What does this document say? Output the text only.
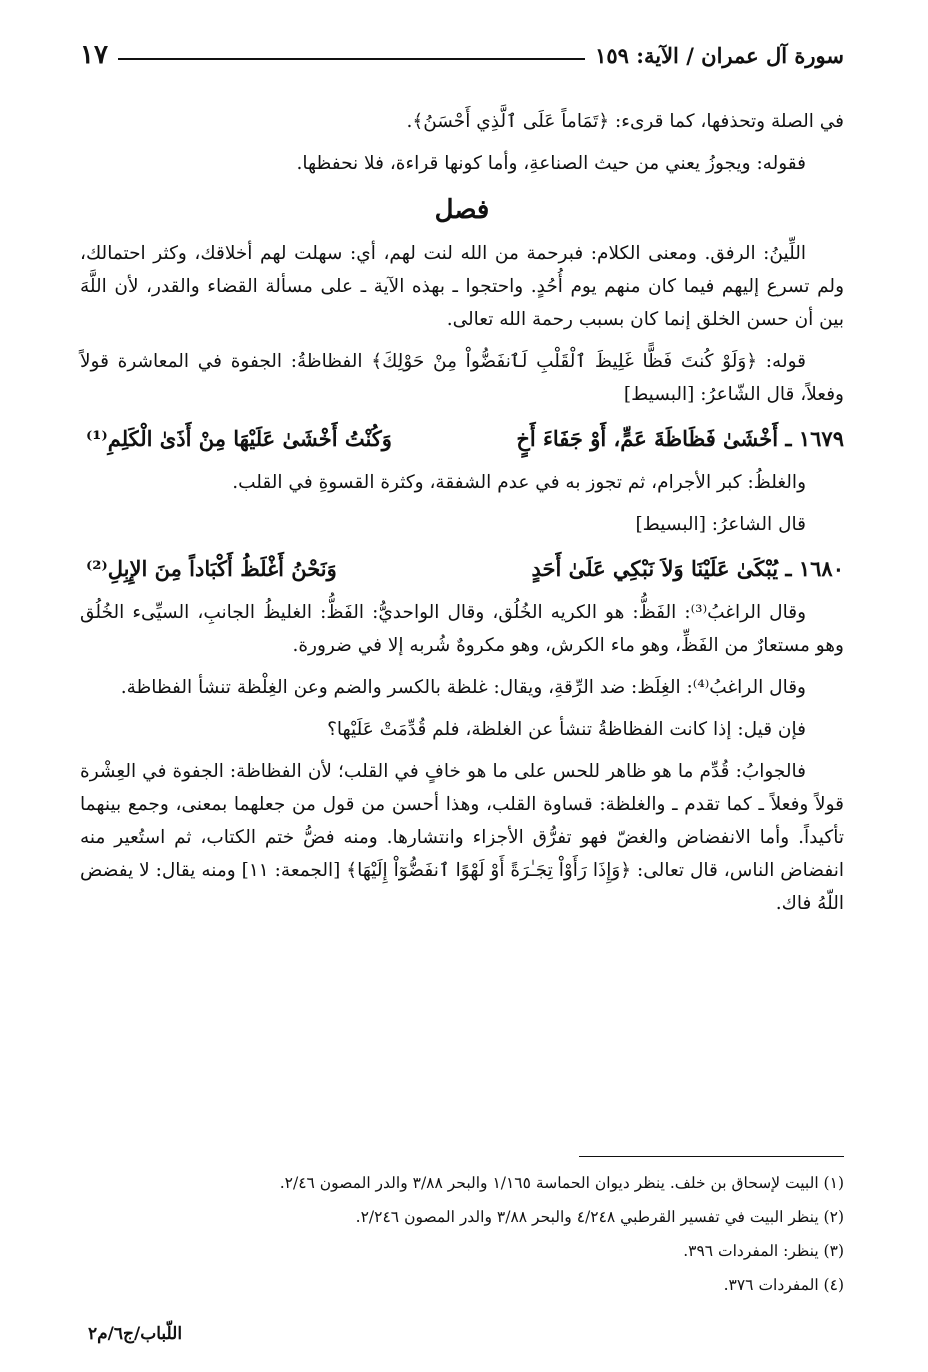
سورة آل عمران / الآية: ١٥٩
١٧

في الصلة وتحذفها، كما قرىء: ﴿تَمَاماً عَلَى ٱلَّذِي أَحْسَنُ﴾.

فقوله: ويجوزُ يعني من حيث الصناعةِ، وأما كونها قراءة، فلا نحفظها.

فصل

اللِّينُ: الرفق. ومعنى الكلام: فبرحمة من الله لنت لهم، أي: سهلت لهم أخلاقك، وكثر احتمالك، ولم تسرع إليهم فيما كان منهم يوم أُحُدٍ. واحتجوا ـ بهذه الآية ـ على مسألة القضاء والقدر، لأن اللَّهَ بين أن حسن الخلق إنما كان بسبب رحمة الله تعالى.

قوله: ﴿وَلَوْ كُنتَ فَظًّا غَلِيظَ ٱلْقَلْبِ لَٱنفَضُّواْ مِنْ حَوْلِكَ﴾ الفظاظةُ: الجفوة في المعاشرة قولاً وفعلاً، قال الشّاعرُ: [البسيط]

١٦٧٩ ـ أَخْشَىٰ فَظَاظَةَ عَمٍّ، أَوْ جَفَاءَ أَخٍ
وَكُنْتُ أَخْشَىٰ عَلَيْهَا مِنْ أَذَىٰ الْكَلِمِ⁽¹⁾

والغلظُ: كبر الأجرام، ثم تجوز به في عدم الشفقة، وكثرة القسوةِ في القلب.

قال الشاعرُ: [البسيط]

١٦٨٠ ـ يُبْكَىٰ عَلَيْنَا وَلاَ نَبْكِي عَلَىٰ أَحَدٍ
وَنَحْنُ أَغْلَظُ أَكْبَاداً مِنَ الإِبِلِ⁽²⁾

وقال الراغبُ⁽³⁾: الفَظُّ: هو الكريه الخُلُق، وقال الواحديُّ: الفَظُّ: الغليظُ الجانبِ، السيِّىء الخُلُق وهو مستعارٌ من الفَظِّ، وهو ماء الكرش، وهو مكروهٌ شُربه إلا في ضرورة.

وقال الراغبُ⁽⁴⁾: الغِلَظ: ضد الرِّقةِ، ويقال: غلظة بالكسر والضم وعن الغِلْظة تنشأ الفظاظة.

فإن قيل: إذا كانت الفظاظةُ تنشأ عن الغلظة، فلم قُدِّمَتْ عَلَيْها؟

فالجوابُ: قُدِّم ما هو ظاهر للحس على ما هو خافٍ في القلب؛ لأن الفظاظة: الجفوة في العِشْرة قولاً وفعلاً ـ كما تقدم ـ والغلظة: قساوة القلب، وهذا أحسن من قول من جعلهما بمعنى، وجمع بينهما تأكيداً. وأما الانفضاض والغضّ فهو تفرُّق الأجزاء وانتشارها. ومنه فضُّ ختم الكتاب، ثم استُعير منه انفضاض الناس، قال تعالى: ﴿وَإِذَا رَأَوْاْ تِجَـٰرَةً أَوْ لَهْوًا ٱنفَضُّوٓاْ إِلَيْهَا﴾ [الجمعة: ١١] ومنه يقال: لا يفضض اللّهُ فاك.

(١) البيت لإسحاق بن خلف. ينظر ديوان الحماسة ١/١٦٥ والبحر ٣/٨٨ والدر المصون ٢/٤٦.
(٢) ينظر البيت في تفسير القرطبي ٤/٢٤٨ والبحر ٣/٨٨ والدر المصون ٢/٢٤٦.
(٣) ينظر: المفردات ٣٩٦.
(٤) المفردات ٣٧٦.
اللّباب/ج٦/م٢
